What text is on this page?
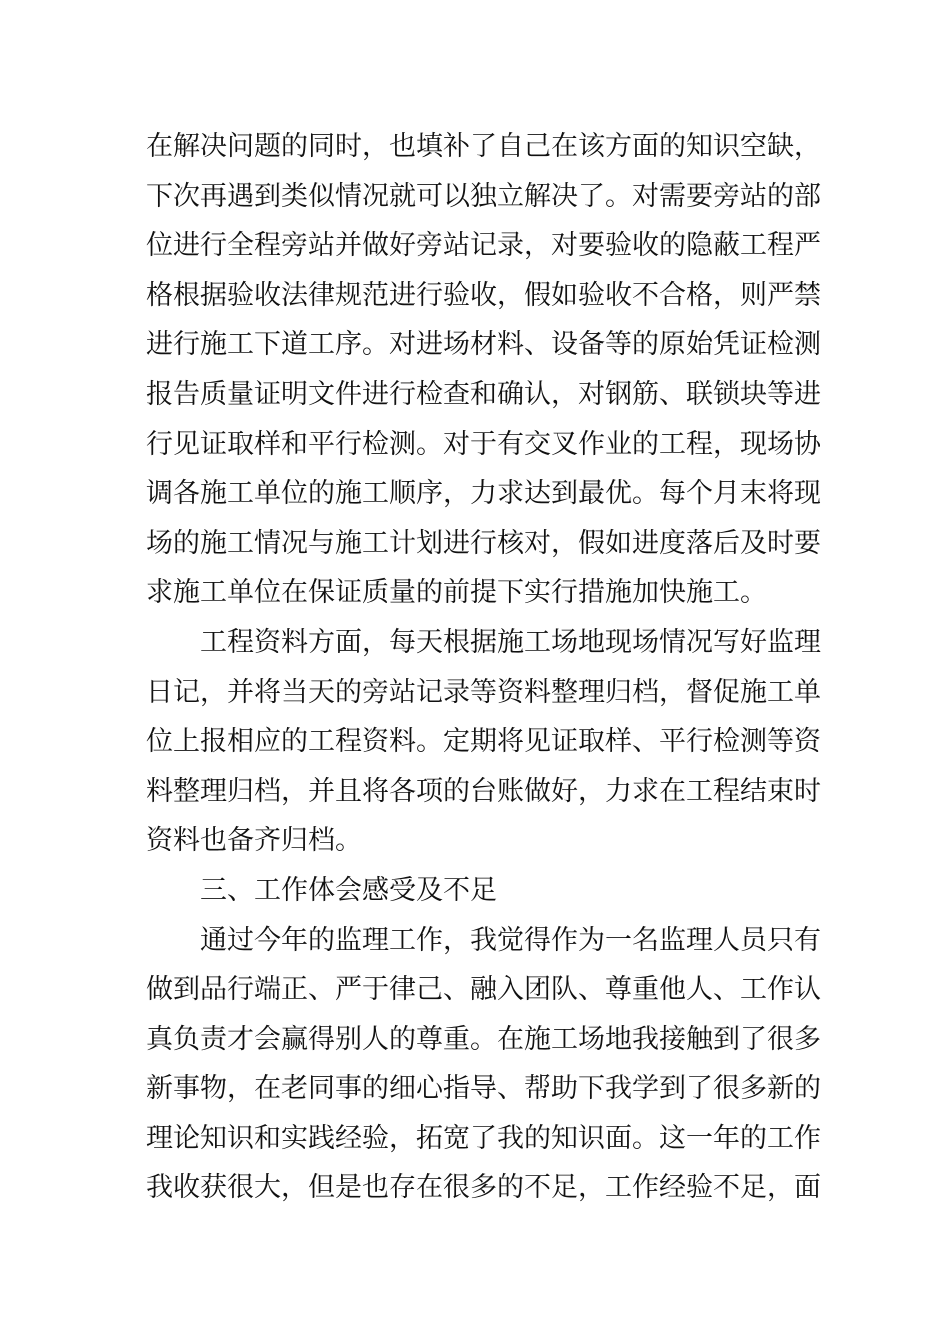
在解决问题的同时，也填补了自己在该方面的知识空缺，
下次再遇到类似情况就可以独立解决了。对需要旁站的部
位进行全程旁站并做好旁站记录，对要验收的隐蔽工程严
格根据验收法律规范进行验收，假如验收不合格，则严禁
进行施工下道工序。对进场材料、设备等的原始凭证检测
报告质量证明文件进行检查和确认，对钢筋、联锁块等进
行见证取样和平行检测。对于有交叉作业的工程，现场协
调各施工单位的施工顺序，力求达到最优。每个月末将现
场的施工情况与施工计划进行核对，假如进度落后及时要
求施工单位在保证质量的前提下实行措施加快施工。
工程资料方面，每天根据施工场地现场情况写好监理
日记，并将当天的旁站记录等资料整理归档，督促施工单
位上报相应的工程资料。定期将见证取样、平行检测等资
料整理归档，并且将各项的台账做好，力求在工程结束时
资料也备齐归档。
三、工作体会感受及不足
通过今年的监理工作，我觉得作为一名监理人员只有
做到品行端正、严于律己、融入团队、尊重他人、工作认
真负责才会赢得别人的尊重。在施工场地我接触到了很多
新事物，在老同事的细心指导、帮助下我学到了很多新的
理论知识和实践经验，拓宽了我的知识面。这一年的工作
我收获很大，但是也存在很多的不足，工作经验不足，面
